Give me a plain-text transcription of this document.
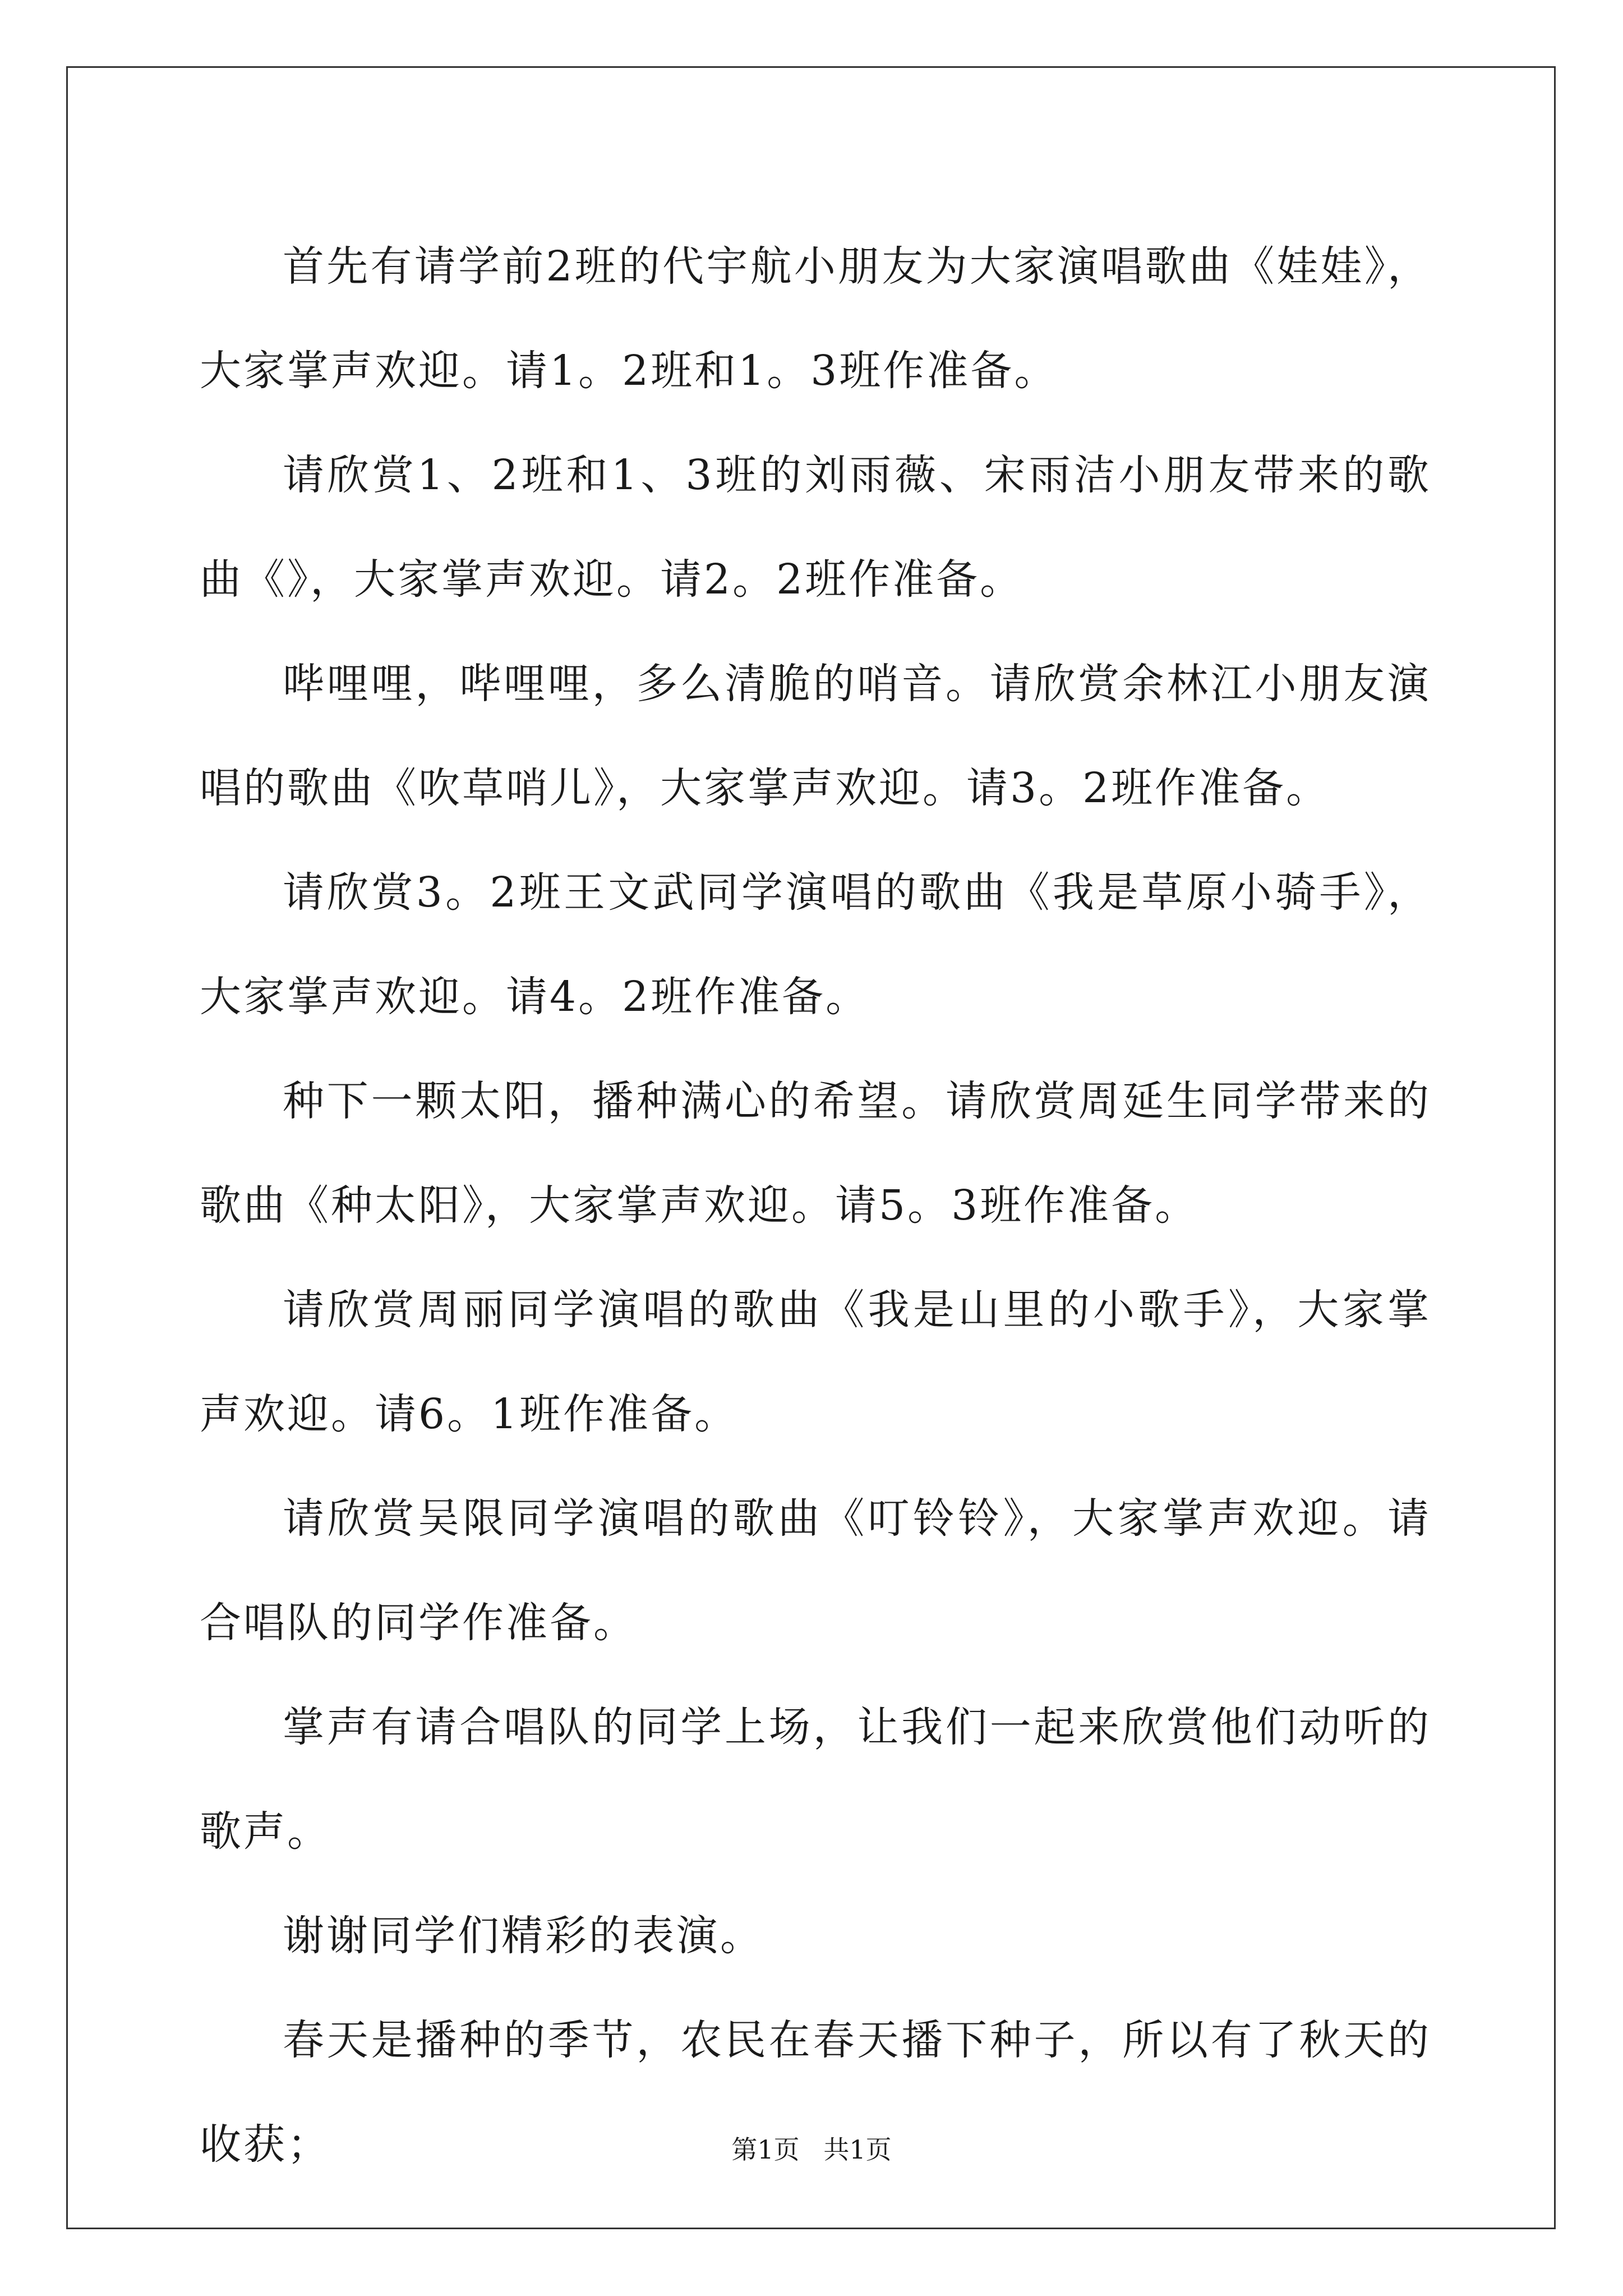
首先有请学前2班的代宇航小朋友为大家演唱歌曲《娃娃》，大家掌声欢迎。请1。2班和1。3班作准备。

请欣赏1、2班和1、3班的刘雨薇、宋雨洁小朋友带来的歌曲《》，大家掌声欢迎。请2。2班作准备。

哔哩哩，哔哩哩，多么清脆的哨音。请欣赏余林江小朋友演唱的歌曲《吹草哨儿》，大家掌声欢迎。请3。2班作准备。

请欣赏3。2班王文武同学演唱的歌曲《我是草原小骑手》，大家掌声欢迎。请4。2班作准备。

种下一颗太阳，播种满心的希望。请欣赏周延生同学带来的歌曲《种太阳》，大家掌声欢迎。请5。3班作准备。

请欣赏周丽同学演唱的歌曲《我是山里的小歌手》，大家掌声欢迎。请6。1班作准备。

请欣赏吴限同学演唱的歌曲《叮铃铃》，大家掌声欢迎。请合唱队的同学作准备。

掌声有请合唱队的同学上场，让我们一起来欣赏他们动听的歌声。

谢谢同学们精彩的表演。

春天是播种的季节，农民在春天播下种子，所以有了秋天的收获；	第1页 共1页
